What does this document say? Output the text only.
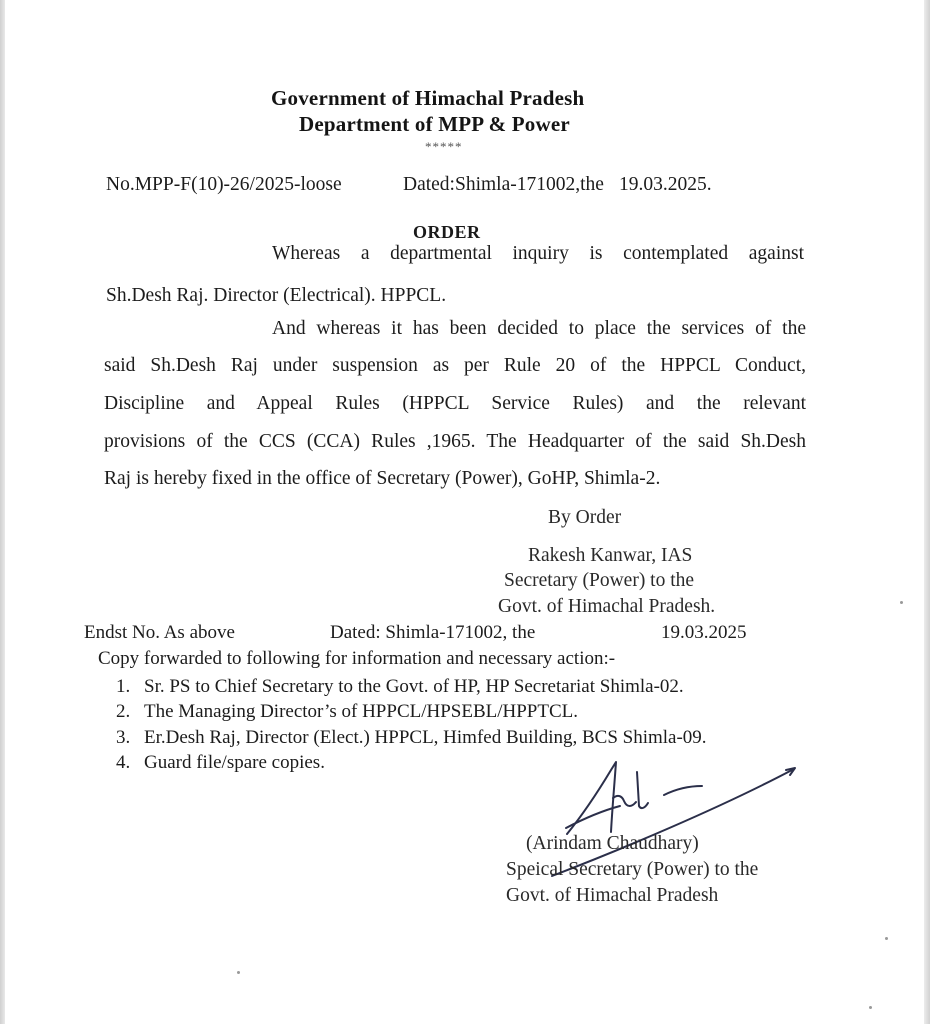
Government of Himachal Pradesh
Department of MPP & Power
*****
No.MPP-F(10)-26/2025-loose	Dated:Shimla-171002,the 19.03.2025.
ORDER
Whereas a departmental inquiry is contemplated against
Sh.Desh Raj. Director (Electrical). HPPCL.
And whereas it has been decided to place the services of the
said Sh.Desh Raj under suspension as per Rule 20 of the HPPCL Conduct,
Discipline and Appeal Rules (HPPCL Service Rules) and the relevant
provisions of the CCS (CCA) Rules ,1965. The Headquarter of the said Sh.Desh
Raj is hereby fixed in the office of Secretary (Power), GoHP, Shimla-2.
By Order
Rakesh Kanwar, IAS
Secretary (Power) to the
Govt. of Himachal Pradesh.
Endst No. As above	Dated: Shimla-171002, the	19.03.2025
Copy forwarded to following for information and necessary action:-
1. Sr. PS to Chief Secretary to the Govt. of HP, HP Secretariat Shimla-02.
2. The Managing Director’s of HPPCL/HPSEBL/HPPTCL.
3. Er.Desh Raj, Director (Elect.) HPPCL, Himfed Building, BCS Shimla-09.
4. Guard file/spare copies.
(Arindam Chaudhary)
Speical Secretary (Power) to the
Govt. of Himachal Pradesh
